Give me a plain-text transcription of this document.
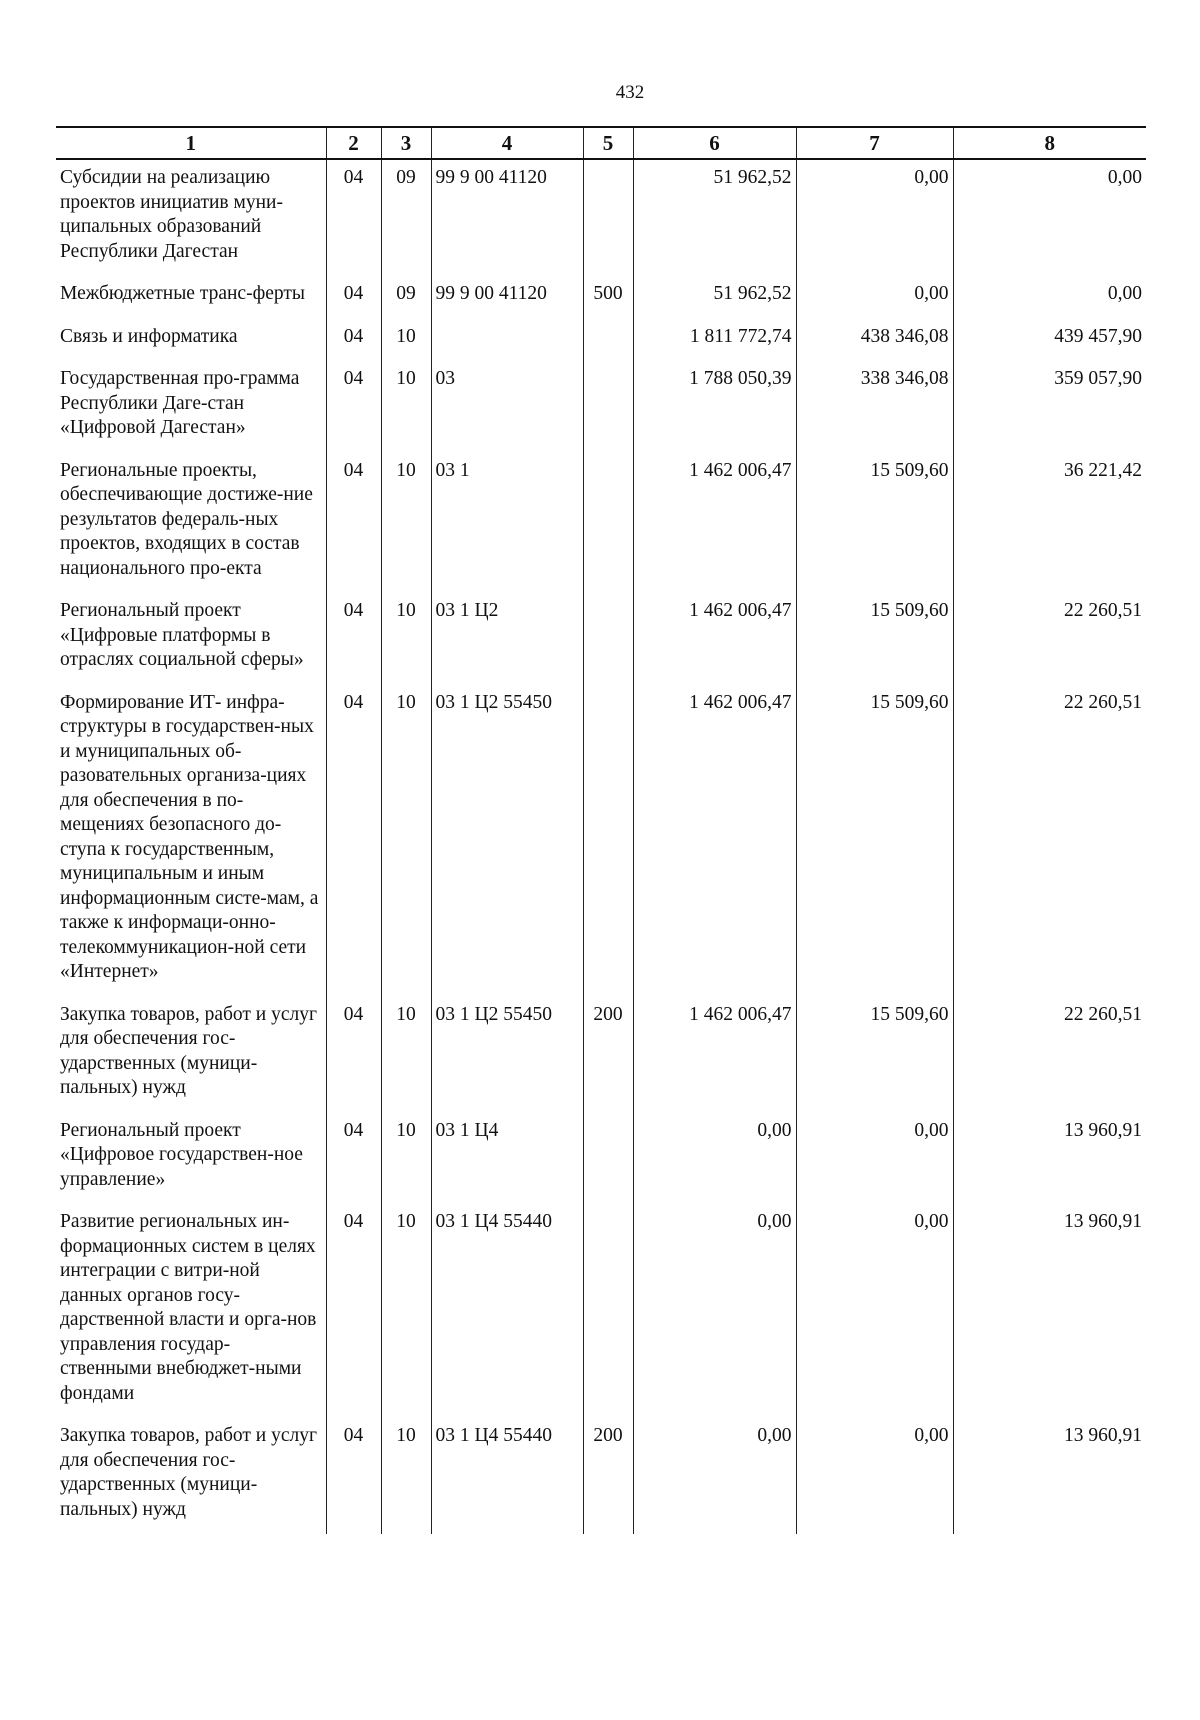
432
1	2	3	4	5	6	7	8
Субсидии на реализацию проектов инициатив муни-ципальных образований Республики Дагестан	04	09	99 9 00 41120		51 962,52	0,00	0,00
Межбюджетные транс-ферты	04	09	99 9 00 41120	500	51 962,52	0,00	0,00
Связь и информатика	04	10			1 811 772,74	438 346,08	439 457,90
Государственная про-грамма Республики Даге-стан «Цифровой Дагестан»	04	10	03		1 788 050,39	338 346,08	359 057,90
Региональные проекты, обеспечивающие достиже-ние результатов федераль-ных проектов, входящих в состав национального про-екта	04	10	03 1		1 462 006,47	15 509,60	36 221,42
Региональный проект «Цифровые платформы в отраслях социальной сферы»	04	10	03 1 Ц2		1 462 006,47	15 509,60	22 260,51
Формирование ИТ- инфра-структуры в государствен-ных и муниципальных об-разовательных организа-циях для обеспечения в по-мещениях безопасного до-ступа к государственным, муниципальным и иным информационным систе-мам, а также к информаци-онно-телекоммуникацион-ной сети «Интернет»	04	10	03 1 Ц2 55450		1 462 006,47	15 509,60	22 260,51
Закупка товаров, работ и услуг для обеспечения гос-ударственных (муници-пальных) нужд	04	10	03 1 Ц2 55450	200	1 462 006,47	15 509,60	22 260,51
Региональный проект «Цифровое государствен-ное управление»	04	10	03 1 Ц4		0,00	0,00	13 960,91
Развитие региональных ин-формационных систем в целях интеграции с витри-ной данных органов госу-дарственной власти и орга-нов управления государ-ственными внебюджет-ными фондами	04	10	03 1 Ц4 55440		0,00	0,00	13 960,91
Закупка товаров, работ и услуг для обеспечения гос-ударственных (муници-пальных) нужд	04	10	03 1 Ц4 55440	200	0,00	0,00	13 960,91
